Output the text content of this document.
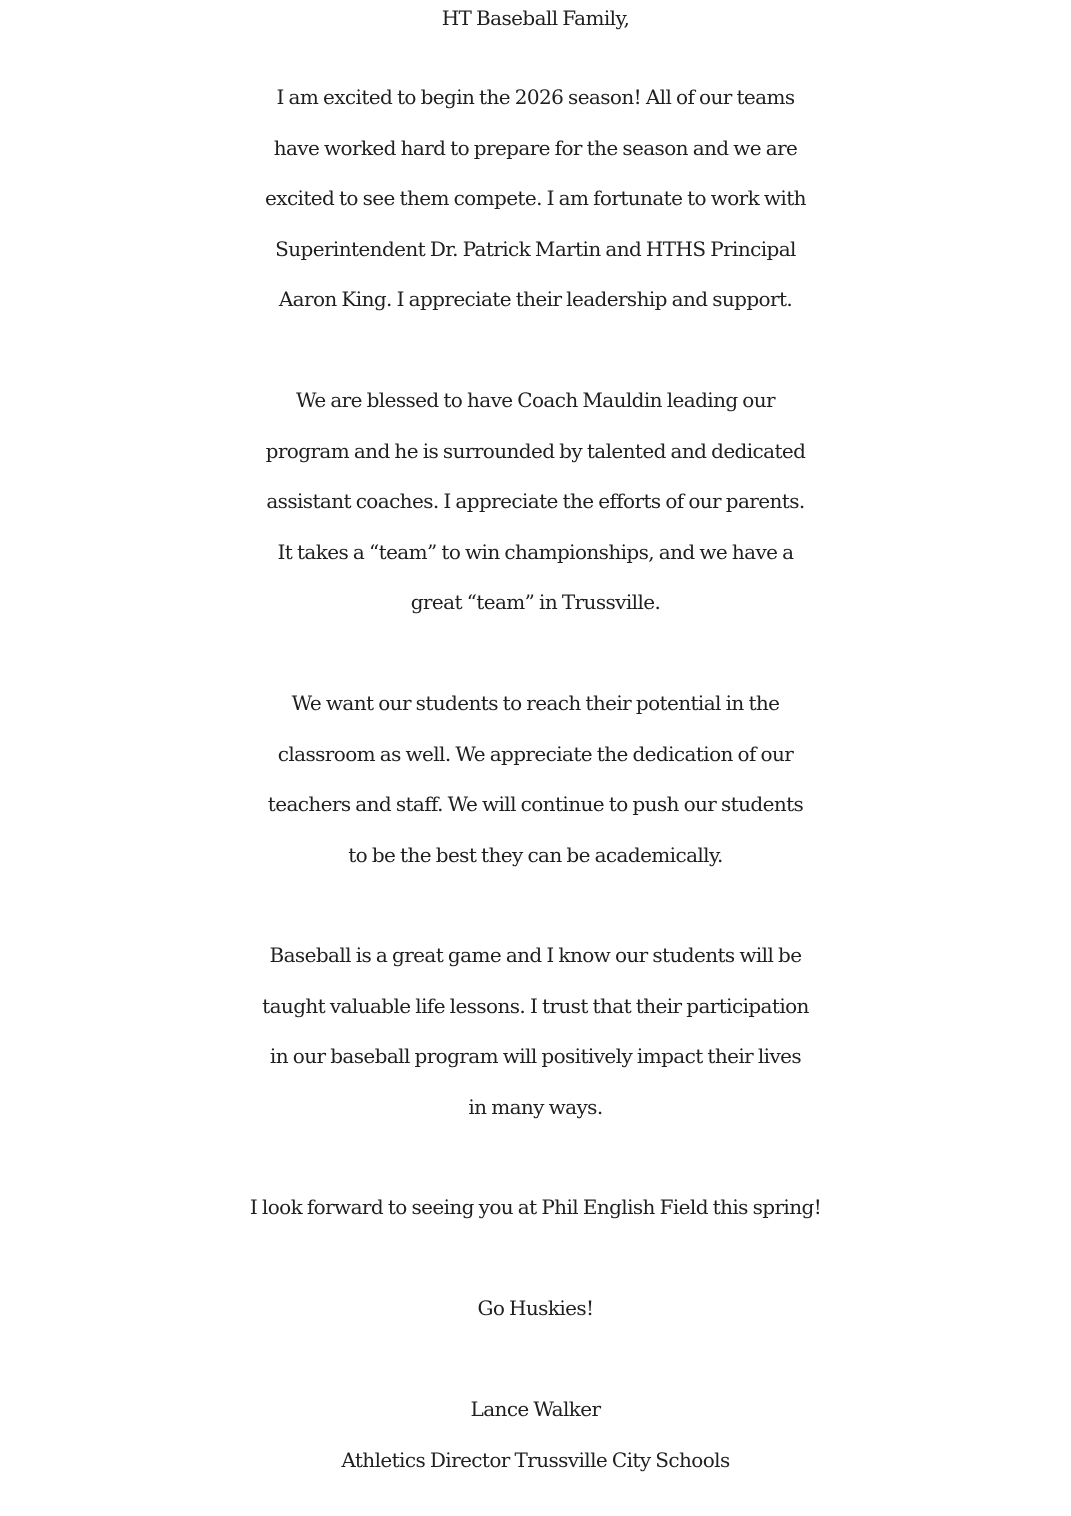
HT Baseball Family,
I am excited to begin the 2026 season! All of our teams
have worked hard to prepare for the season and we are
excited to see them compete. I am fortunate to work with
Superintendent Dr. Patrick Martin and HTHS Principal
Aaron King. I appreciate their leadership and support.
We are blessed to have Coach Mauldin leading our
program and he is surrounded by talented and dedicated
assistant coaches. I appreciate the efforts of our parents.
It takes a “team” to win championships, and we have a
great “team” in Trussville.
We want our students to reach their potential in the
classroom as well. We appreciate the dedication of our
teachers and staff. We will continue to push our students
to be the best they can be academically.
Baseball is a great game and I know our students will be
taught valuable life lessons. I trust that their participation
in our baseball program will positively impact their lives
in many ways.
I look forward to seeing you at Phil English Field this spring!
Go Huskies!
Lance Walker
Athletics Director Trussville City Schools
